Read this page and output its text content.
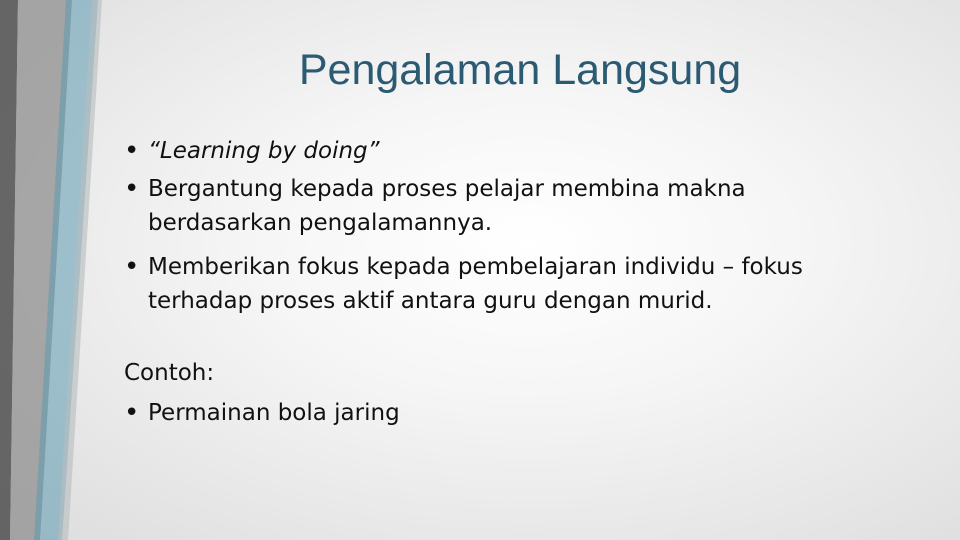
Pengalaman Langsung
• “Learning by doing”
• Bergantung kepada proses pelajar membina makna
berdasarkan pengalamannya.
• Memberikan fokus kepada pembelajaran individu – fokus
terhadap proses aktif antara guru dengan murid.
Contoh:
• Permainan bola jaring
